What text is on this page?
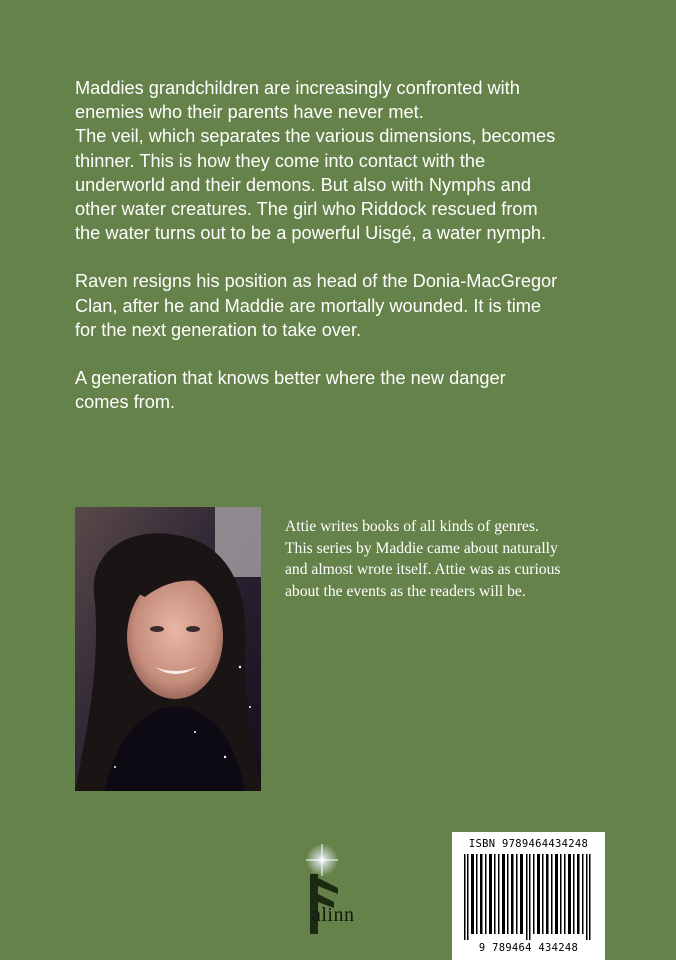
Maddies grandchildren are increasingly confronted with
enemies who their parents have never met.
The veil, which separates the various dimensions, becomes
thinner. This is how they come into contact with the
underworld and their demons. But also with Nymphs and
other water creatures. The girl who Riddock rescued from
the water turns out to be a powerful Uisgé, a water nymph.

Raven resigns his position as head of the Donia-MacGregor
Clan, after he and Maddie are mortally wounded. It is time
for the next generation to take over.

A generation that knows better where the new danger
comes from.

Attie writes books of all kinds of genres.
This series by Maddie came about naturally
and almost wrote itself. Attie was as curious
about the events as the readers will be.
alinn
ISBN 9789464434248
9 789464 434248
